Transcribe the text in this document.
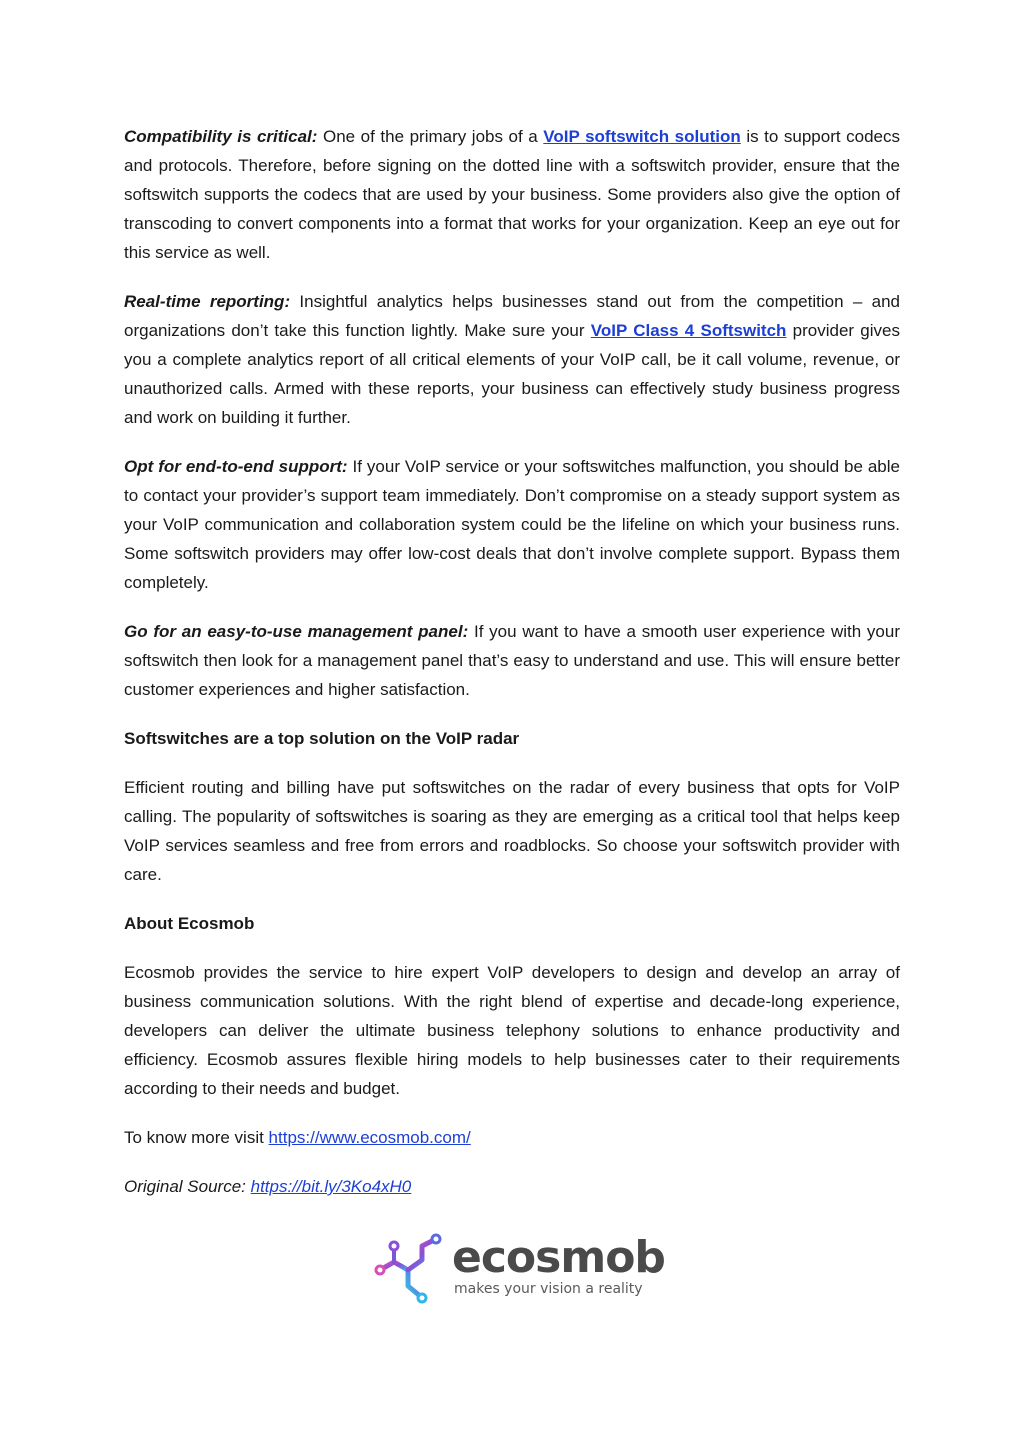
Compatibility is critical: One of the primary jobs of a VoIP softswitch solution is to support codecs and protocols. Therefore, before signing on the dotted line with a softswitch provider, ensure that the softswitch supports the codecs that are used by your business. Some providers also give the option of transcoding to convert components into a format that works for your organization. Keep an eye out for this service as well.

Real-time reporting: Insightful analytics helps businesses stand out from the competition – and organizations don’t take this function lightly. Make sure your VoIP Class 4 Softswitch provider gives you a complete analytics report of all critical elements of your VoIP call, be it call volume, revenue, or unauthorized calls. Armed with these reports, your business can effectively study business progress and work on building it further.

Opt for end-to-end support: If your VoIP service or your softswitches malfunction, you should be able to contact your provider’s support team immediately. Don’t compromise on a steady support system as your VoIP communication and collaboration system could be the lifeline on which your business runs. Some softswitch providers may offer low-cost deals that don’t involve complete support. Bypass them completely.

Go for an easy-to-use management panel: If you want to have a smooth user experience with your softswitch then look for a management panel that’s easy to understand and use. This will ensure better customer experiences and higher satisfaction.

Softswitches are a top solution on the VoIP radar

Efficient routing and billing have put softswitches on the radar of every business that opts for VoIP calling. The popularity of softswitches is soaring as they are emerging as a critical tool that helps keep VoIP services seamless and free from errors and roadblocks. So choose your softswitch provider with care.

About Ecosmob

Ecosmob provides the service to hire expert VoIP developers to design and develop an array of business communication solutions. With the right blend of expertise and decade-long experience, developers can deliver the ultimate business telephony solutions to enhance productivity and efficiency. Ecosmob assures flexible hiring models to help businesses cater to their requirements according to their needs and budget.

To know more visit https://www.ecosmob.com/

Original Source: https://bit.ly/3Ko4xH0

ecosmob
makes your vision a reality
